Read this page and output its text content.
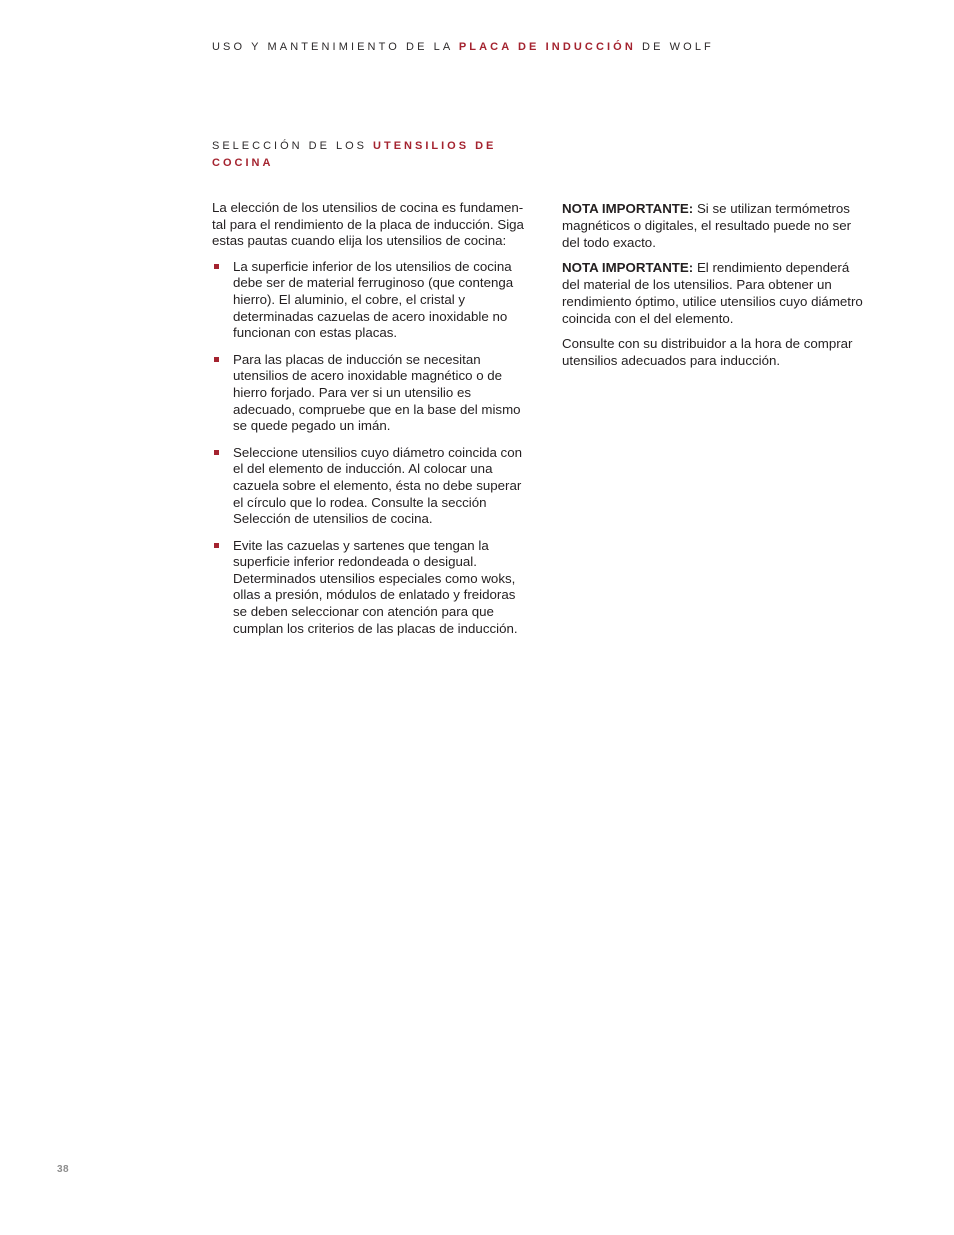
USO Y MANTENIMIENTO DE LA PLACA DE INDUCCIÓN DE WOLF
SELECCIÓN DE LOS UTENSILIOS DE
COCINA

La elección de los utensilios de cocina es fundamen-
tal para el rendimiento de la placa de inducción. Siga
estas pautas cuando elija los utensilios de cocina:

La superficie inferior de los utensilios de cocina
debe ser de material ferruginoso (que contenga
hierro). El aluminio, el cobre, el cristal y
determinadas cazuelas de acero inoxidable no
funcionan con estas placas.
Para las placas de inducción se necesitan
utensilios de acero inoxidable magnético o de
hierro forjado. Para ver si un utensilio es
adecuado, compruebe que en la base del mismo
se quede pegado un imán.
Seleccione utensilios cuyo diámetro coincida con
el del elemento de inducción. Al colocar una
cazuela sobre el elemento, ésta no debe superar
el círculo que lo rodea. Consulte la sección
Selección de utensilios de cocina.
Evite las cazuelas y sartenes que tengan la
superficie inferior redondeada o desigual.
Determinados utensilios especiales como woks,
ollas a presión, módulos de enlatado y freidoras
se deben seleccionar con atención para que
cumplan los criterios de las placas de inducción.

NOTA IMPORTANTE: Si se utilizan termómetros
magnéticos o digitales, el resultado puede no ser
del todo exacto.

NOTA IMPORTANTE: El rendimiento dependerá
del material de los utensilios. Para obtener un
rendimiento óptimo, utilice utensilios cuyo diámetro
coincida con el del elemento.

Consulte con su distribuidor a la hora de comprar
utensilios adecuados para inducción.

38
